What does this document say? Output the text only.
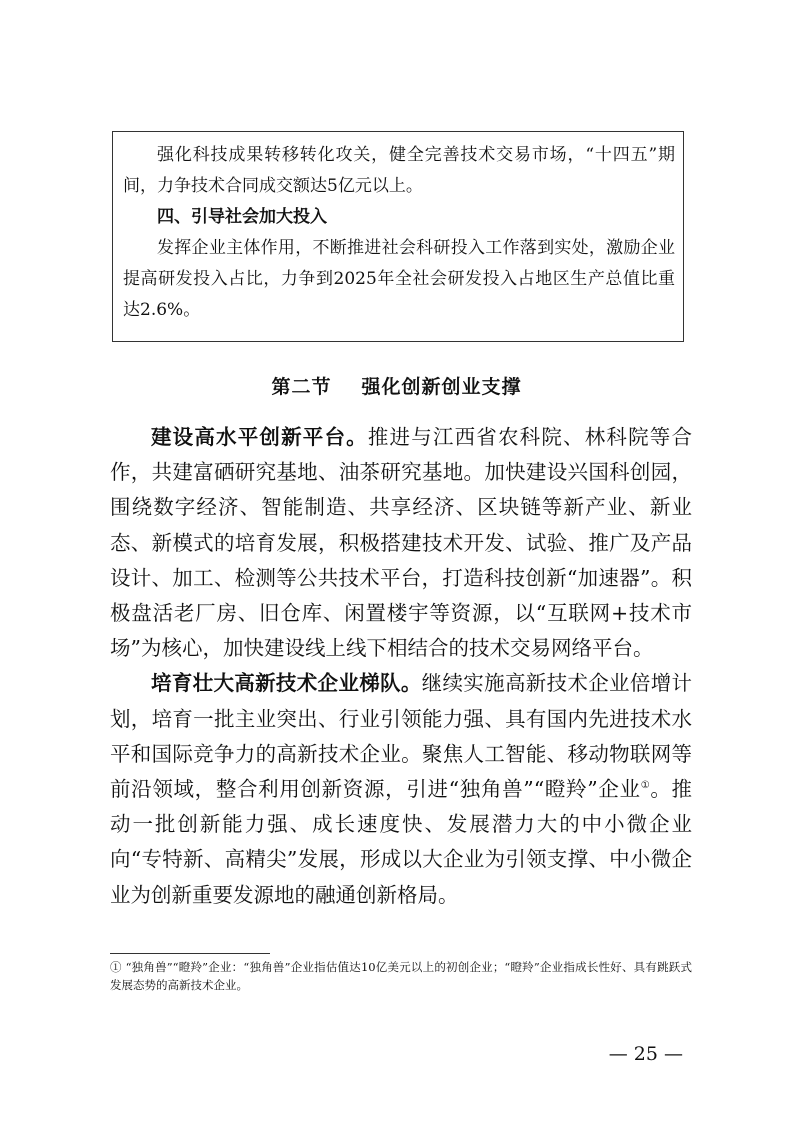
强化科技成果转移转化攻关，健全完善技术交易市场，“十四五”期间，力争技术合同成交额达5亿元以上。

四、引导社会加大投入

发挥企业主体作用，不断推进社会科研投入工作落到实处，激励企业提高研发投入占比，力争到2025年全社会研发投入占地区生产总值比重达2.6%。

第二节 强化创新创业支撑

建设高水平创新平台。推进与江西省农科院、林科院等合作，共建富硒研究基地、油茶研究基地。加快建设兴国科创园，围绕数字经济、智能制造、共享经济、区块链等新产业、新业态、新模式的培育发展，积极搭建技术开发、试验、推广及产品设计、加工、检测等公共技术平台，打造科技创新“加速器”。积极盘活老厂房、旧仓库、闲置楼宇等资源，以“互联网+技术市场”为核心，加快建设线上线下相结合的技术交易网络平台。

培育壮大高新技术企业梯队。继续实施高新技术企业倍增计划，培育一批主业突出、行业引领能力强、具有国内先进技术水平和国际竞争力的高新技术企业。聚焦人工智能、移动物联网等前沿领域，整合利用创新资源，引进“独角兽”“瞪羚”企业①。推动一批创新能力强、成长速度快、发展潜力大的中小微企业向“专特新、高精尖”发展，形成以大企业为引领支撑、中小微企业为创新重要发源地的融通创新格局。

① “独角兽”“瞪羚”企业：“独角兽”企业指估值达10亿美元以上的初创企业；“瞪羚”企业指成长性好、具有跳跃式发展态势的高新技术企业。

— 25 —
